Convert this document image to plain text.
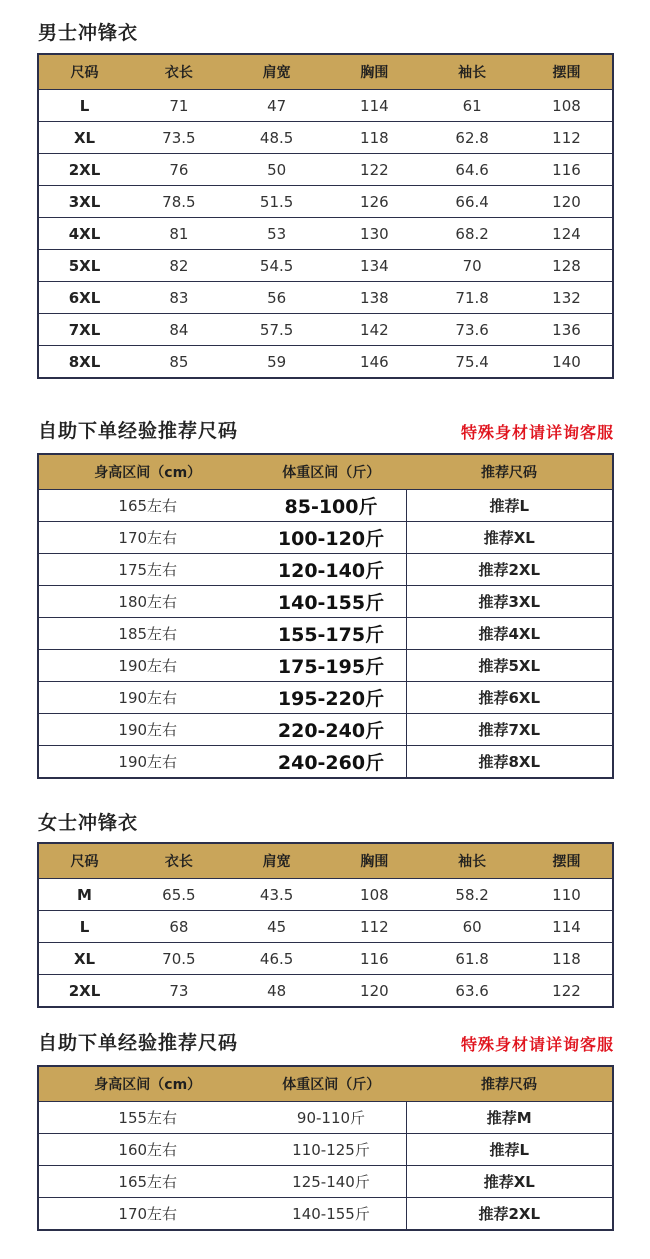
男士冲锋衣
尺码	衣长	肩宽	胸围	袖长	摆围
L	71	47	114	61	108
XL	73.5	48.5	118	62.8	112
2XL	76	50	122	64.6	116
3XL	78.5	51.5	126	66.4	120
4XL	81	53	130	68.2	124
5XL	82	54.5	134	70	128
6XL	83	56	138	71.8	132
7XL	84	57.5	142	73.6	136
8XL	85	59	146	75.4	140
自助下单经验推荐尺码	特殊身材请详询客服
身高区间（cm）	体重区间（斤）	推荐尺码
165左右	85-100斤	推荐L
170左右	100-120斤	推荐XL
175左右	120-140斤	推荐2XL
180左右	140-155斤	推荐3XL
185左右	155-175斤	推荐4XL
190左右	175-195斤	推荐5XL
190左右	195-220斤	推荐6XL
190左右	220-240斤	推荐7XL
190左右	240-260斤	推荐8XL
女士冲锋衣
尺码	衣长	肩宽	胸围	袖长	摆围
M	65.5	43.5	108	58.2	110
L	68	45	112	60	114
XL	70.5	46.5	116	61.8	118
2XL	73	48	120	63.6	122
自助下单经验推荐尺码	特殊身材请详询客服
身高区间（cm）	体重区间（斤）	推荐尺码
155左右	90-110斤	推荐M
160左右	110-125斤	推荐L
165左右	125-140斤	推荐XL
170左右	140-155斤	推荐2XL
